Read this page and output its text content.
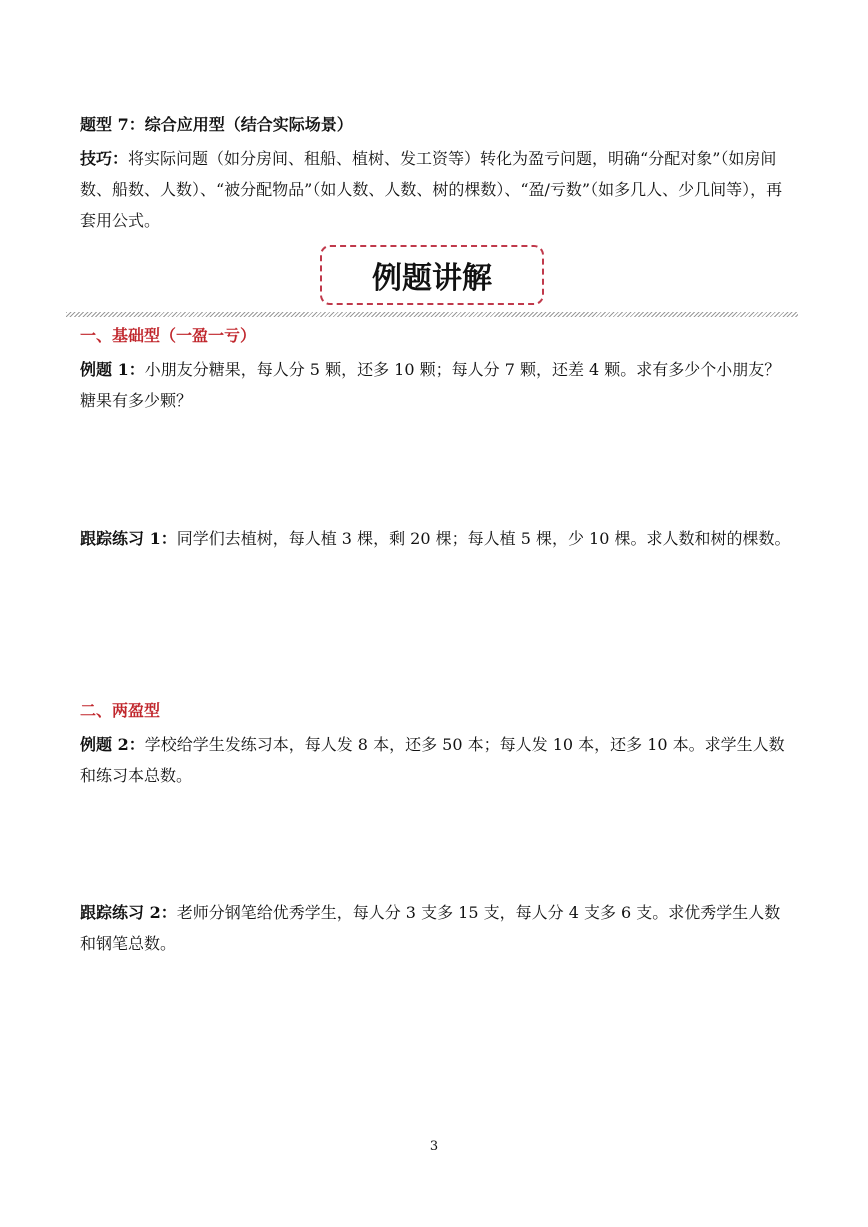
题型 7：综合应用型（结合实际场景）
技巧：将实际问题（如分房间、租船、植树、发工资等）转化为盈亏问题，明确“分配对象”（如房间数、船数、人数）、“被分配物品”（如人数、人数、树的棵数）、“盈/亏数”（如多几人、少几间等），再套用公式。
例题讲解
一、基础型（一盈一亏）
例题 1：小朋友分糖果，每人分 5 颗，还多 10 颗；每人分 7 颗，还差 4 颗。求有多少个小朋友？糖果有多少颗？
跟踪练习 1：同学们去植树，每人植 3 棵，剩 20 棵；每人植 5 棵，少 10 棵。求人数和树的棵数。
二、两盈型
例题 2：学校给学生发练习本，每人发 8 本，还多 50 本；每人发 10 本，还多 10 本。求学生人数和练习本总数。
跟踪练习 2：老师分钢笔给优秀学生，每人分 3 支多 15 支，每人分 4 支多 6 支。求优秀学生人数和钢笔总数。
3
